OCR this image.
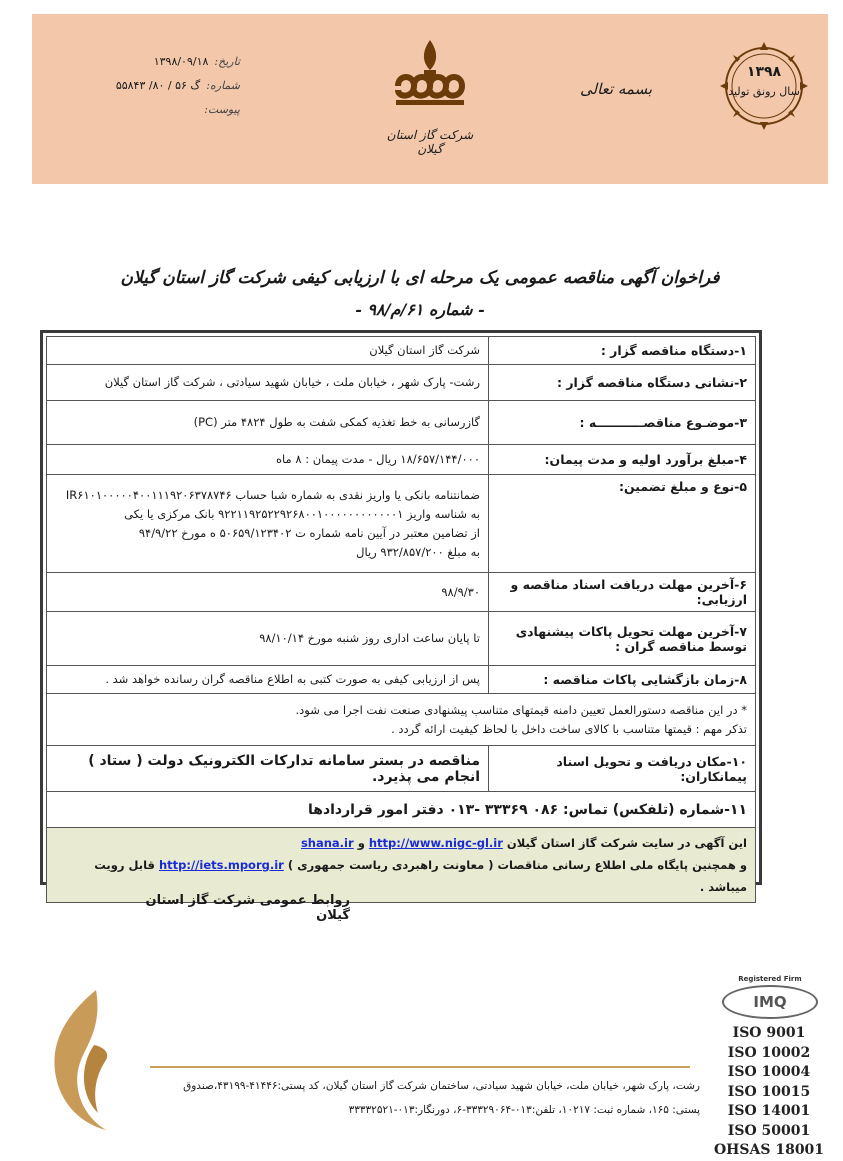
تاریخ:
۱۳۹۸/۰۹/۱۸
شماره:
گ ۵۶ / ۸۰/ ۵۵۸۴۳
پیوست:
شرکت گاز استان گیلان
بسمه تعالی
۱۳۹۸
سال رونق تولید
فراخوان آگهی مناقصه عمومی یک مرحله ای با ارزیابی کیفی شرکت گاز استان گیلان
- شماره ۶۱/م/۹۸ -
۱-دستگاه مناقصه گزار :	شرکت گاز استان گیلان

۲-نشانی دستگاه مناقصه گزار :	رشت- پارک شهر ، خیابان ملت ، خیابان شهید سیادتی ، شرکت گاز استان گیلان

۳-موضـوع مناقصـــــــــــه :	گازرسانی به خط تغذیه کمکی شفت به طول ۴۸۲۴ متر (PC)

۴-مبلغ برآورد اولیه و مدت پیمان:	۱۸/۶۵۷/۱۴۴/۰۰۰ ریال - مدت پیمان : ۸ ماه

۵-نوع و مبلغ تضمین:	ضمانتنامه بانکی یا واریز نقدی به شماره شبا حساب IR۶۱۰۱۰۰۰۰۰۴۰۰۱۱۱۹۲۰۶۳۷۸۷۴۶
به شناسه واریز ۹۲۲۱۱۹۲۵۲۲۹۲۶۸۰۰۱۰۰۰۰۰۰۰۰۰۰۰۰۱ بانک مرکزی یا یکی
از تضامین معتبر در آیین نامه شماره ت ۵۰۶۵۹/۱۲۳۴۰۲ ه مورخ ۹۴/۹/۲۲
به مبلغ ۹۳۲/۸۵۷/۲۰۰ ریال

۶-آخرین مهلت دریافت اسناد مناقصه و ارزیابی:	۹۸/۹/۳۰

۷-آخرین مهلت تحویل پاکات پیشنهادی توسط مناقصه گران :	تا پایان ساعت اداری روز شنبه مورخ ۹۸/۱۰/۱۴

۸-زمان بازگشایی پاکات مناقصه :	پس از ارزیابی کیفی به صورت کتبی به اطلاع مناقصه گران رسانده خواهد شد .

* در این مناقصه دستورالعمل تعیین دامنه قیمتهای متناسب پیشنهادی صنعت نفت اجرا می شود.
تذکر مهم : قیمتها متناسب با کالای ساخت داخل با لحاظ کیفیت ارائه گردد .	

۱۰-مکان دریافت و تحویل اسناد پیمانکاران:	مناقصه در بستر سامانه تدارکات الکترونیک دولت ( ستاد ) انجام می پذیرد.
۱۱-شماره (تلفکس) تماس: ۰۸۶ ۳۳۳۶۹ -۰۱۳ دفتر امور قراردادها	

این آگهی در سایت شرکت گاز استان گیلان http://www.nigc-gl.ir و shana.ir
و همچنین پایگاه ملی اطلاع رسانی مناقصات ( معاونت راهبردی ریاست جمهوری ) http://iets.mporg.ir قابل رویت میباشد .	
روابط عمومی شرکت گاز استان گیلان
رشت، پارک شهر، خیابان ملت، خیابان شهید سیادتی، ساختمان شرکت گاز استان گیلان، کد پستی:۴۱۴۴۶-۴۳۱۹۹،صندوق
پستی: ۱۶۵، شماره ثبت: ۱۰۲۱۷، تلفن:۰۱۳-۳۳۳۲۹۰۶۴-۶، دورنگار:۰۱۳-۳۳۳۳۲۵۲۱
Registered Firm
IMQ
ISO 9001
ISO 10002
ISO 10004
ISO 10015
ISO 14001
ISO 50001
OHSAS 18001
